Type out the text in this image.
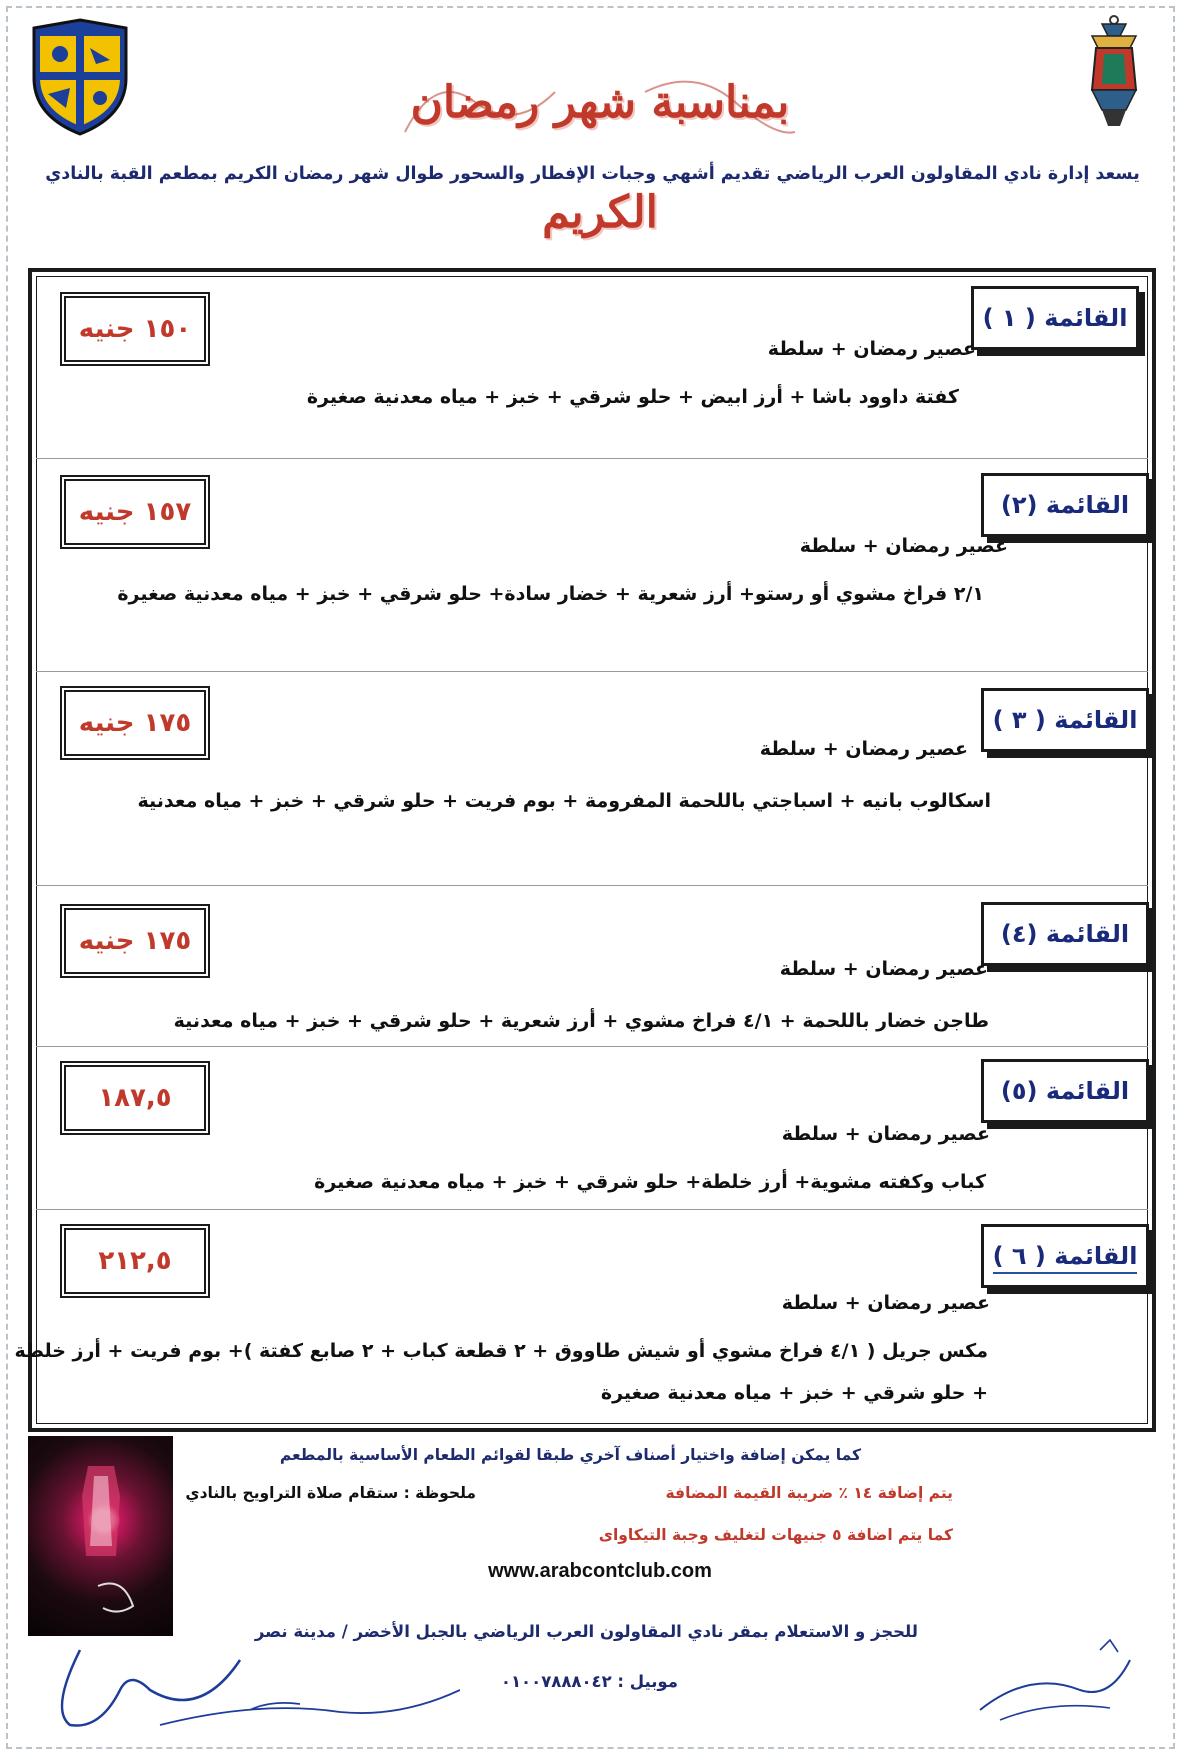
بمناسبة شهر رمضان الكريم
يسعد إدارة نادي المقاولون العرب الرياضي تقديم أشهي وجبات الإفطار والسحور طوال شهر رمضان الكريم بمطعم القبة بالنادي
القائمة ( ١ )
١٥٠ جنيه
عصير رمضان + سلطة
كفتة داوود باشا + أرز ابيض + حلو شرقي + خبز + مياه معدنية صغيرة
القائمة (٢)
١٥٧ جنيه
عصير رمضان + سلطة
٢/١ فراخ مشوي أو رستو+ أرز شعرية + خضار سادة+ حلو شرقي + خبز + مياه معدنية صغيرة
القائمة ( ٣ )
١٧٥ جنيه
عصير رمضان + سلطة
اسكالوب بانيه + اسباجتي باللحمة المفرومة + بوم فريت + حلو شرقي + خبز + مياه معدنية
القائمة (٤)
١٧٥ جنيه
عصير رمضان + سلطة
طاجن خضار باللحمة + ٤/١ فراخ مشوي + أرز شعرية + حلو شرقي + خبز + مياه معدنية
القائمة (٥)
١٨٧,٥
عصير رمضان + سلطة
كباب وكفته مشوية+ أرز خلطة+ حلو شرقي + خبز + مياه معدنية صغيرة
القائمة ( ٦ )
٢١٢,٥
عصير رمضان + سلطة
مكس جريل ( ٤/١ فراخ مشوي أو شيش طاووق + ٢ قطعة كباب + ٢ صابع كفتة )+ بوم فريت + أرز خلطة
+ حلو شرقي + خبز + مياه معدنية صغيرة
كما يمكن إضافة واختيار أصناف آخري طبقا لقوائم الطعام الأساسية بالمطعم
يتم إضافة ١٤ ٪ ضريبة القيمة المضافة
ملحوظة : ستقام صلاة التراويح بالنادي
كما يتم اضافة ٥ جنيهات لتغليف وجبة التيكاواى
www.arabcontclub.com
للحجز و الاستعلام بمقر نادي المقاولون العرب الرياضي بالجبل الأخضر / مدينة نصر
موبيل : ٠١٠٠٧٨٨٨٠٤٢
